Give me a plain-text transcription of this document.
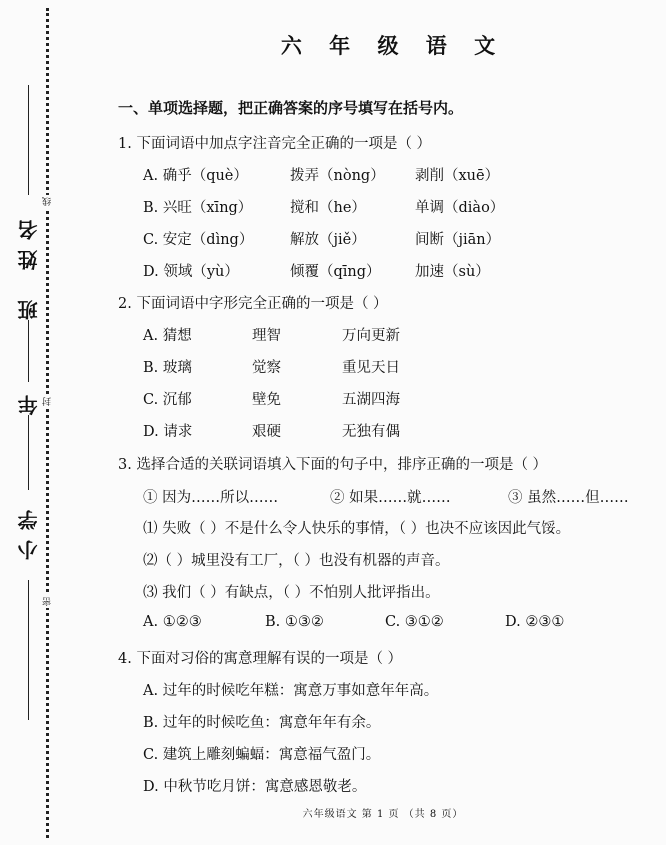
姓名
班
年
小学
线
封
密
六 年 级 语 文
一、单项选择题，把正确答案的序号填写在括号内。
1. 下面词语中加点字注音完全正确的一项是（ ）
A. 确乎（què）	拨弄（nòng） 剥削（xuē）
B. 兴旺（xīng）	搅和（he）	单调（diào）
C. 安定（dìng）	解放（jiě）	间断（jiān）
D. 领域（yù）	倾覆（qīng） 加速（sù）
2. 下面词语中字形完全正确的一项是（ ）
A. 猜想	理智	万向更新
B. 玻璃	觉察	重见天日
C. 沉郁	壁免	五湖四海
D. 请求	艰硬	无独有偶
3. 选择合适的关联词语填入下面的句子中，排序正确的一项是（ ）
① 因为……所以……	② 如果……就……	③ 虽然……但……
⑴ 失败（ ）不是什么令人快乐的事情，（ ）也决不应该因此气馁。
⑵（ ）城里没有工厂，（ ）也没有机器的声音。
⑶ 我们（ ）有缺点，（ ）不怕别人批评指出。
A. ①②③	B. ①③②	C. ③①②	D. ②③①
4. 下面对习俗的寓意理解有误的一项是（ ）
A. 过年的时候吃年糕：寓意万事如意年年高。
B. 过年的时候吃鱼：寓意年年有余。
C. 建筑上雕刻蝙蝠：寓意福气盈门。
D. 中秋节吃月饼：寓意感恩敬老。
六年级语文 第 1 页 （共 8 页）
